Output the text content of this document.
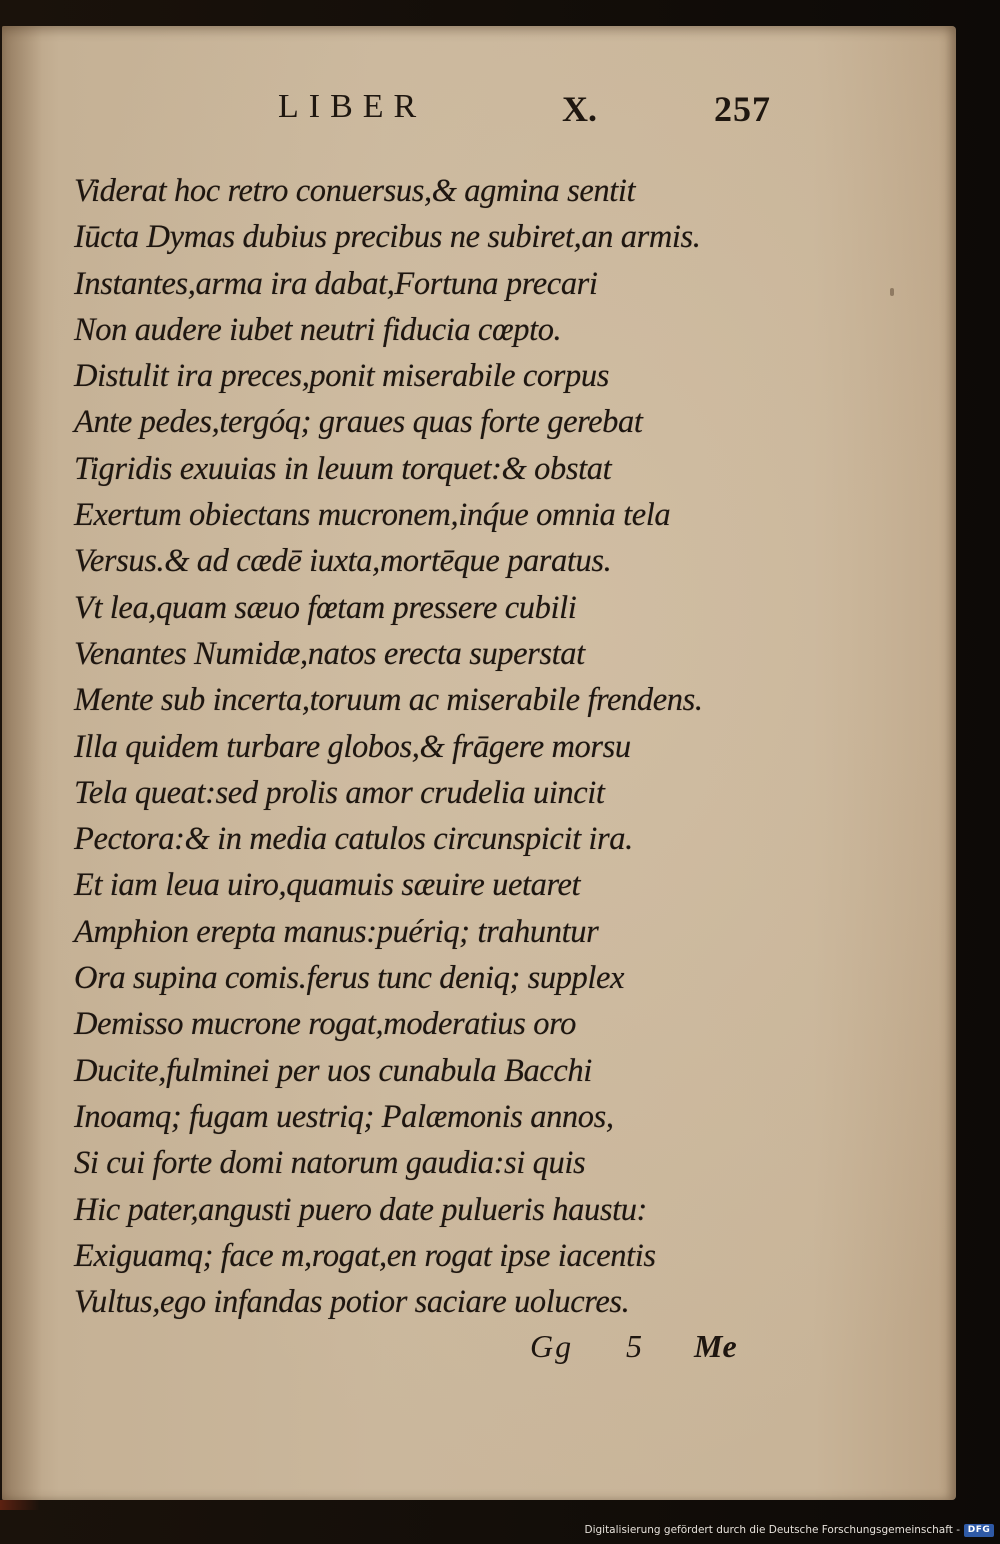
LIBER	X.	257
Viderat hoc retro conuersus,& agmina sentit
Iūcta Dymas dubius precibus ne subiret,an armis.
Instantes,arma ira dabat,Fortuna precari
Non audere iubet neutri fiducia cœpto.
Distulit ira preces,ponit miserabile corpus
Ante pedes,tergóq; graues quas forte gerebat
Tigridis exuuias in leuum torquet:& obstat
Exertum obiectans mucronem,inq́ue omnia tela
Versus.& ad cædē iuxta,mortēque paratus.
Vt lea,quam sæuo fœtam pressere cubili
Venantes Numidæ,natos erecta superstat
Mente sub incerta,toruum ac miserabile frendens.
Illa quidem turbare globos,& frāgere morsu
Tela queat:sed prolis amor crudelia uincit
Pectora:& in media catulos circunspicit ira.
Et iam leua uiro,quamuis sæuire uetaret
Amphion erepta manus:puériq; trahuntur
Ora supina comis.ferus tunc deniq; supplex
Demisso mucrone rogat,moderatius oro
Ducite,fulminei per uos cunabula Bacchi
Inoamq; fugam uestriq; Palæmonis annos,
Si cui forte domi natorum gaudia:si quis
Hic pater,angusti puero date pulueris haustu:
Exiguamq; face m,rogat,en rogat ipse iacentis
Vultus,ego infandas potior saciare uolucres.
Gg 5 Me
Digitalisierung gefördert durch die Deutsche Forschungsgemeinschaft - DFG
